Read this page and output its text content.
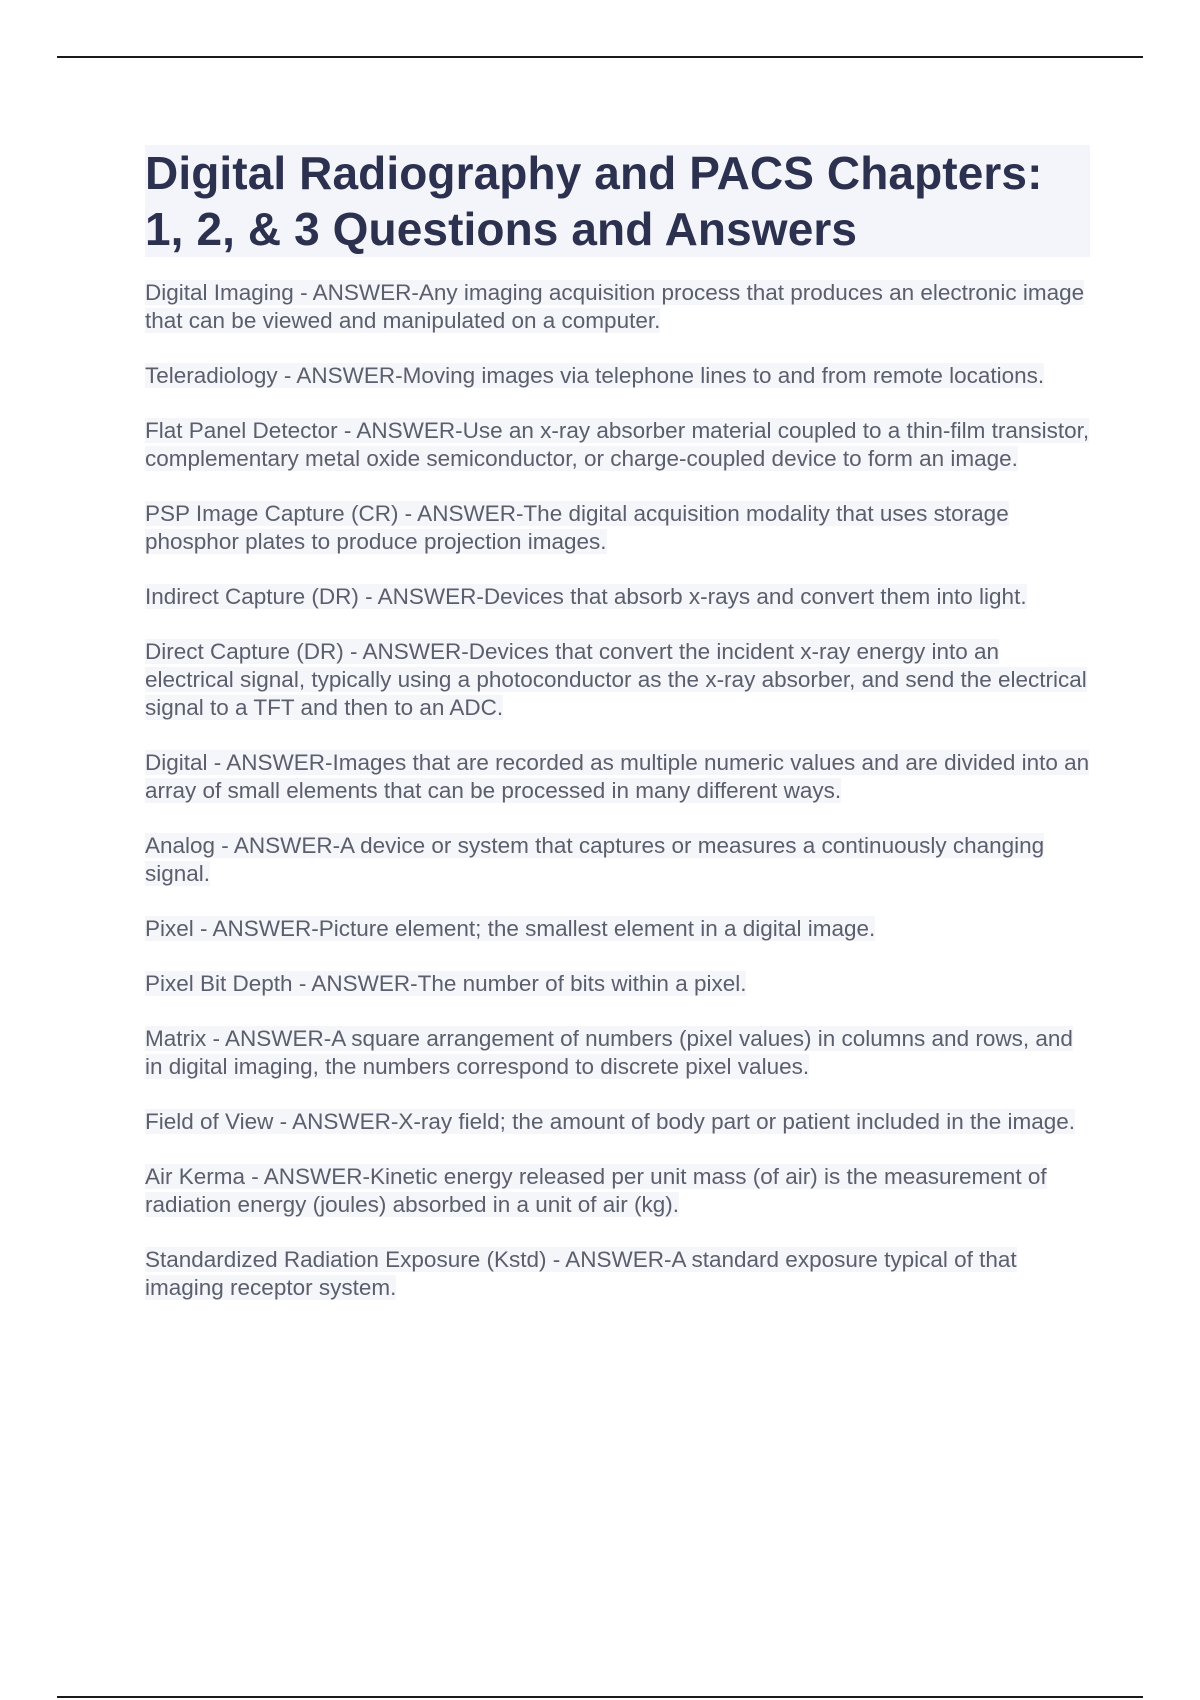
Digital Radiography and PACS Chapters: 1, 2, & 3 Questions and Answers

Digital Imaging - ANSWER-Any imaging acquisition process that produces an electronic image that can be viewed and manipulated on a computer.

Teleradiology - ANSWER-Moving images via telephone lines to and from remote locations.

Flat Panel Detector - ANSWER-Use an x-ray absorber material coupled to a thin-film transistor, complementary metal oxide semiconductor, or charge-coupled device to form an image.

PSP Image Capture (CR) - ANSWER-The digital acquisition modality that uses storage phosphor plates to produce projection images.

Indirect Capture (DR) - ANSWER-Devices that absorb x-rays and convert them into light.

Direct Capture (DR) - ANSWER-Devices that convert the incident x-ray energy into an electrical signal, typically using a photoconductor as the x-ray absorber, and send the electrical signal to a TFT and then to an ADC.

Digital - ANSWER-Images that are recorded as multiple numeric values and are divided into an array of small elements that can be processed in many different ways.

Analog - ANSWER-A device or system that captures or measures a continuously changing signal.

Pixel - ANSWER-Picture element; the smallest element in a digital image.

Pixel Bit Depth - ANSWER-The number of bits within a pixel.

Matrix - ANSWER-A square arrangement of numbers (pixel values) in columns and rows, and in digital imaging, the numbers correspond to discrete pixel values.

Field of View - ANSWER-X-ray field; the amount of body part or patient included in the image.

Air Kerma - ANSWER-Kinetic energy released per unit mass (of air) is the measurement of radiation energy (joules) absorbed in a unit of air (kg).

Standardized Radiation Exposure (Kstd) - ANSWER-A standard exposure typical of that imaging receptor system.
